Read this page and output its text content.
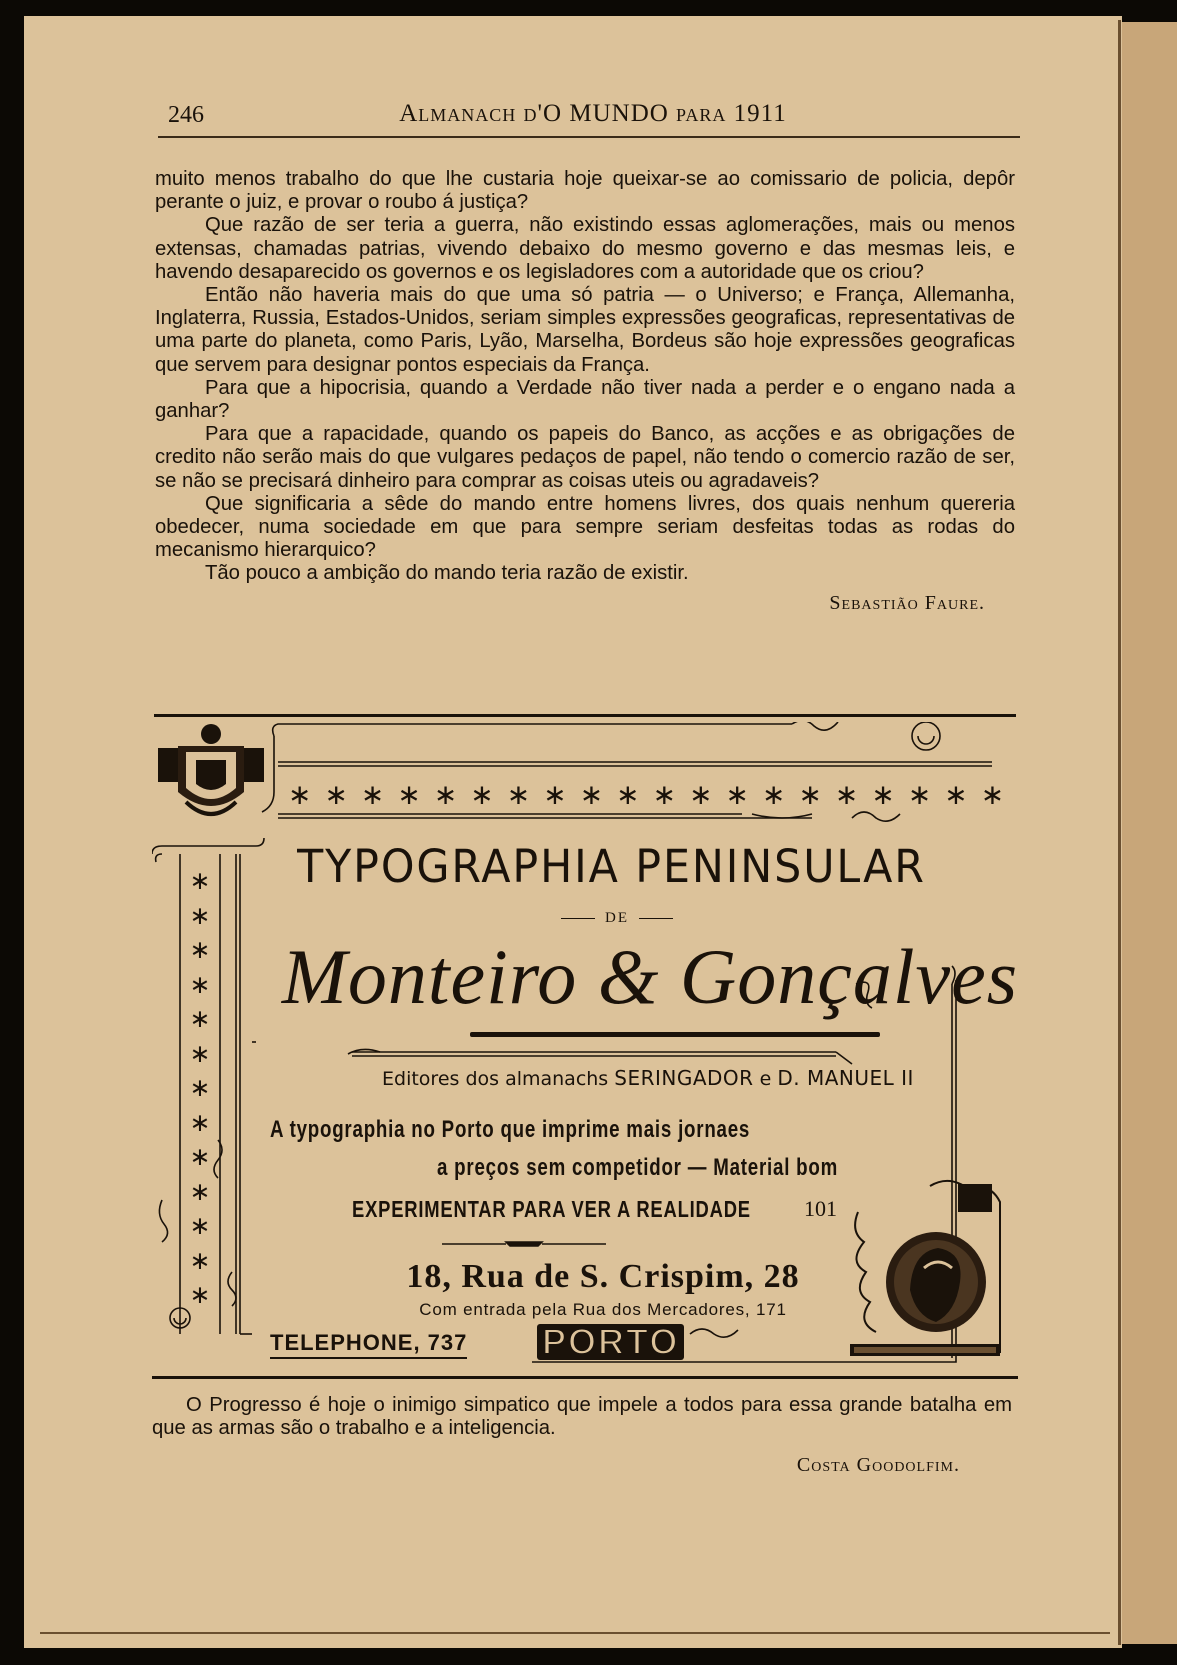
246	Almanach d'O MUNDO para 1911

muito menos trabalho do que lhe custaria hoje queixar-se ao comissario de policia, depôr perante o juiz, e provar o roubo á justiça?

Que razão de ser teria a guerra, não existindo essas aglomerações, mais ou menos extensas, chamadas patrias, vivendo debaixo do mesmo governo e das mesmas leis, e havendo desaparecido os governos e os legisladores com a autoridade que os criou?

Então não haveria mais do que uma só patria — o Universo; e França, Allemanha, Inglaterra, Russia, Estados-Unidos, seriam simples expressões geograficas, representativas de uma parte do planeta, como Paris, Lyão, Marselha, Bordeus são hoje expressões geograficas que servem para designar pontos especiais da França.

Para que a hipocrisia, quando a Verdade não tiver nada a perder e o engano nada a ganhar?

Para que a rapacidade, quando os papeis do Banco, as acções e as obrigações de credito não serão mais do que vulgares pedaços de papel, não tendo o comercio razão de ser, se não se precisará dinheiro para comprar as coisas uteis ou agradaveis?

Que significaria a sêde do mando entre homens livres, dos quais nenhum quereria obedecer, numa sociedade em que para sempre seriam desfeitas todas as rodas do mecanismo hierarquico?

Tão pouco a ambição do mando teria razão de existir.

Sebastião Faure.

∗∗∗∗∗∗∗∗∗∗∗∗∗∗∗∗∗∗∗∗
∗∗∗∗∗∗∗∗∗∗∗∗∗
TYPOGRAPHIA PENINSULAR
DE
Monteiro & Gonçalves
Editores dos almanachs SERINGADOR e D. MANUEL II
A typographia no Porto que imprime mais jornaes
a preços sem competidor — Material bom
EXPERIMENTAR PARA VER A REALIDADE 101
18, Rua de S. Crispim, 28
Com entrada pela Rua dos Mercadores, 171
TELEPHONE, 737 PORTO

O Progresso é hoje o inimigo simpatico que impele a todos para essa grande batalha em que as armas são o trabalho e a inteligencia.

Costa Goodolfim.
